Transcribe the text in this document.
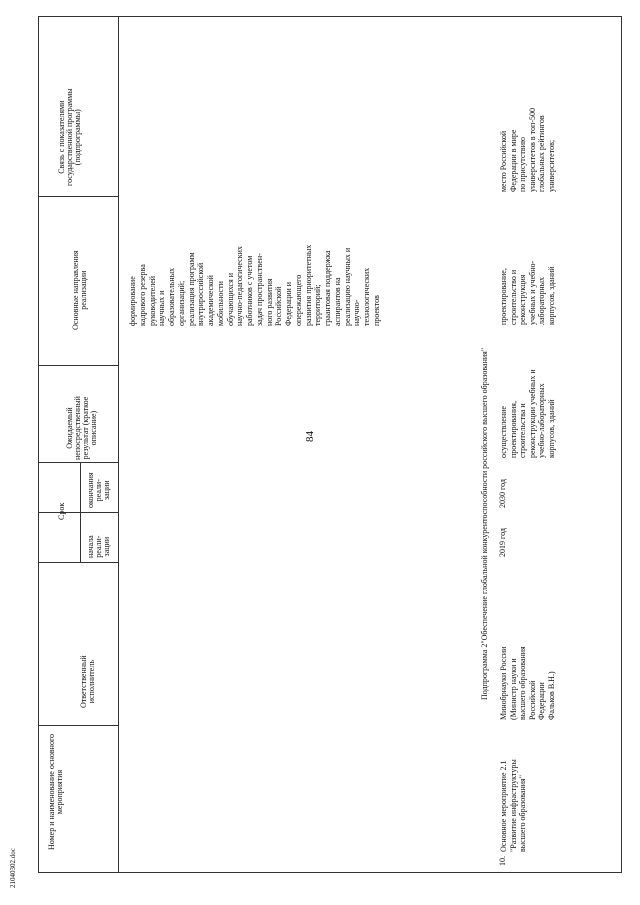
84
Номер и наименование основного
мероприятия
Ответственный
исполнитель
Срок
начала
реали-
зации
окончания
реали-
зации
Ожидаемый
непосредственный
результат (краткое
описание)
Основные направления
реализации
Связь с показателями
государственной программы
(подпрограммы)
формирование
кадрового резерва
руководителей
научных и
образовательных
организаций;
реализация программ
внутрироссийской
академической
мобильности
обучающихся и
научно-педагогических
работников с учетом
задач пространствен-
ного развития
Российской
Федерации и
опережающего
развития приоритетных
территорий;
граантовая поддержка
аспирантов на
реализацию научных и
научно-
технологических
проектов
Подпрограмма 2"Обеспечение глобальной конкурентоспособности российского высшего образования"
10.
Основное мероприятие 2.1
"Развитие инфраструктуры
высшего образования"
Минобрнауки России
(Министр науки и
высшего образования
Российской
Федерации
Фальков В.Н.)
2019 год
2030 год
осуществление
проектирования,
строительства и
реконструкции учебных и
учебно-лабораторных
корпусов, зданий
проектирование,
строительство и
реконструкция
учебных и учебно-
лабораторных
корпусов, зданий
место Российской
Федерации в мире
по присутствию
университетов в топ-500
глобальных рейтингов
университетов;
2104030​2.doc
